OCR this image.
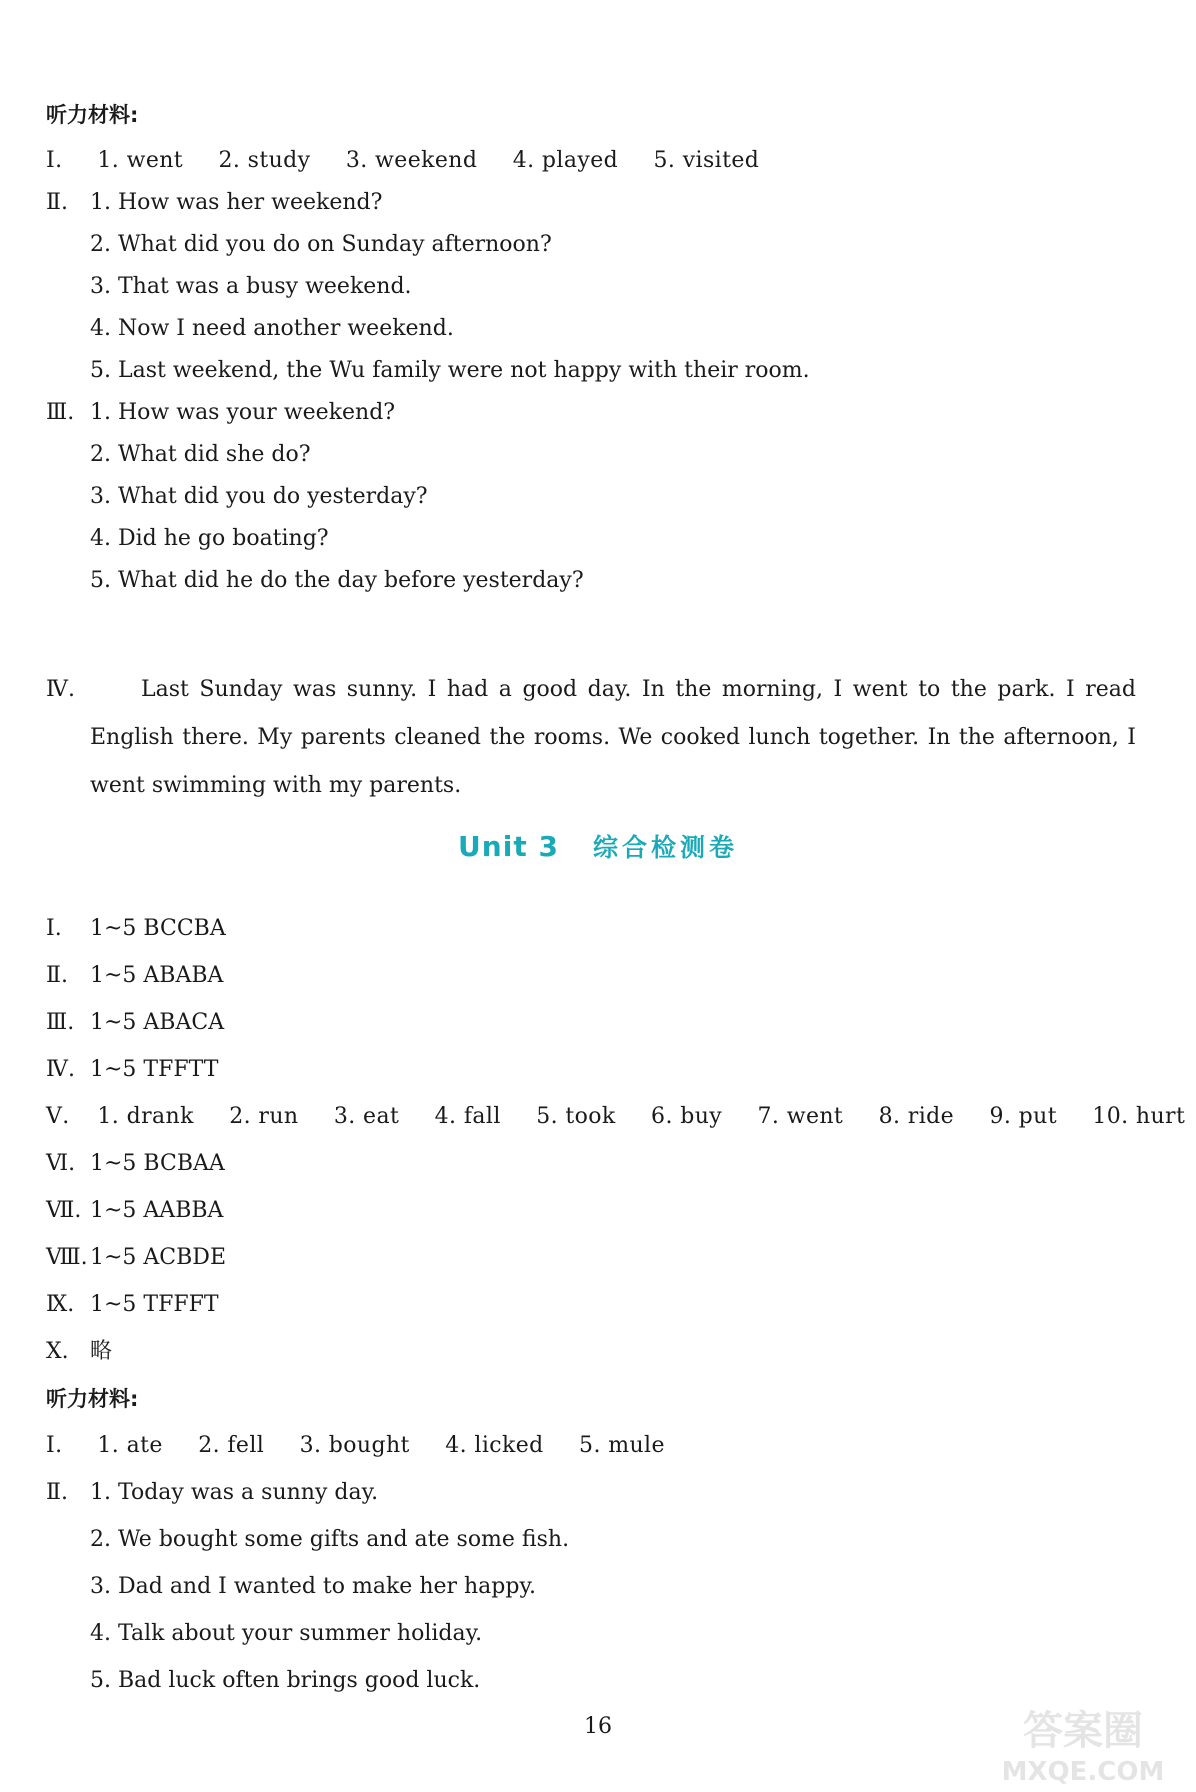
听力材料:
Ⅰ. 1. went 2. study 3. weekend 4. played 5. visited
Ⅱ. 1. How was her weekend?
2. What did you do on Sunday afternoon?
3. That was a busy weekend.
4. Now I need another weekend.
5. Last weekend, the Wu family were not happy with their room.
Ⅲ. 1. How was your weekend?
2. What did she do?
3. What did you do yesterday?
4. Did he go boating?
5. What did he do the day before yesterday?
Ⅳ.	Last Sunday was sunny. I had a good day. In the morning, I went to the park. I read English there. My parents cleaned the rooms. We cooked lunch together. In the afternoon, I went swimming with my parents.
Unit 3 综合检测卷
Ⅰ. 1~5 BCCBA
Ⅱ. 1~5 ABABA
Ⅲ. 1~5 ABACA
Ⅳ. 1~5 TFFTT
Ⅴ. 1. drank 2. run 3. eat 4. fall 5. took 6. buy 7. went 8. ride 9. put 10. hurt
Ⅵ. 1~5 BCBAA
Ⅶ. 1~5 AABBA
Ⅷ. 1~5 ACBDE
Ⅸ. 1~5 TFFFT
Ⅹ. 略
听力材料:
Ⅰ. 1. ate 2. fell 3. bought 4. licked 5. mule
Ⅱ. 1. Today was a sunny day.
2. We bought some gifts and ate some fish.
3. Dad and I wanted to make her happy.
4. Talk about your summer holiday.
5. Bad luck often brings good luck.
16	答案圈
MXQE.COM
